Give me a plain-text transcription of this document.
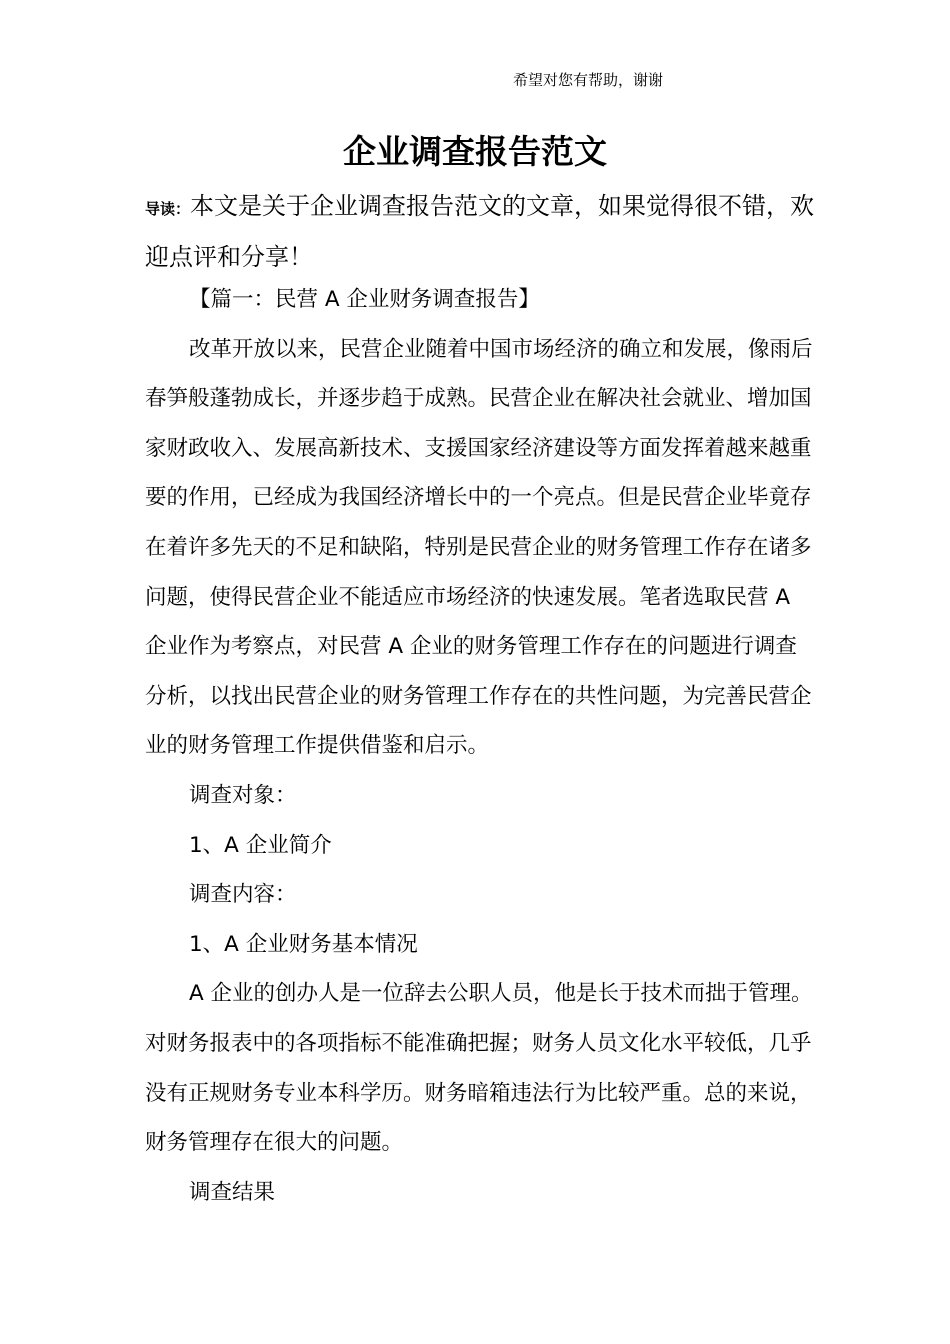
希望对您有帮助，谢谢
企业调查报告范文
导读：本文是关于企业调查报告范文的文章，如果觉得很不错，欢迎点评和分享！

【篇一：民营 A 企业财务调查报告】

改革开放以来，民营企业随着中国市场经济的确立和发展，像雨后春笋般蓬勃成长，并逐步趋于成熟。民营企业在解决社会就业、增加国家财政收入、发展高新技术、支援国家经济建设等方面发挥着越来越重要的作用，已经成为我国经济增长中的一个亮点。但是民营企业毕竟存在着许多先天的不足和缺陷，特别是民营企业的财务管理工作存在诸多问题，使得民营企业不能适应市场经济的快速发展。笔者选取民营 A 企业作为考察点，对民营 A 企业的财务管理工作存在的问题进行调查分析，以找出民营企业的财务管理工作存在的共性问题，为完善民营企业的财务管理工作提供借鉴和启示。

调查对象：

1、A 企业简介

调查内容：

1、A 企业财务基本情况

A 企业的创办人是一位辞去公职人员，他是长于技术而拙于管理。对财务报表中的各项指标不能准确把握；财务人员文化水平较低，几乎没有正规财务专业本科学历。财务暗箱违法行为比较严重。总的来说，财务管理存在很大的问题。

调查结果
